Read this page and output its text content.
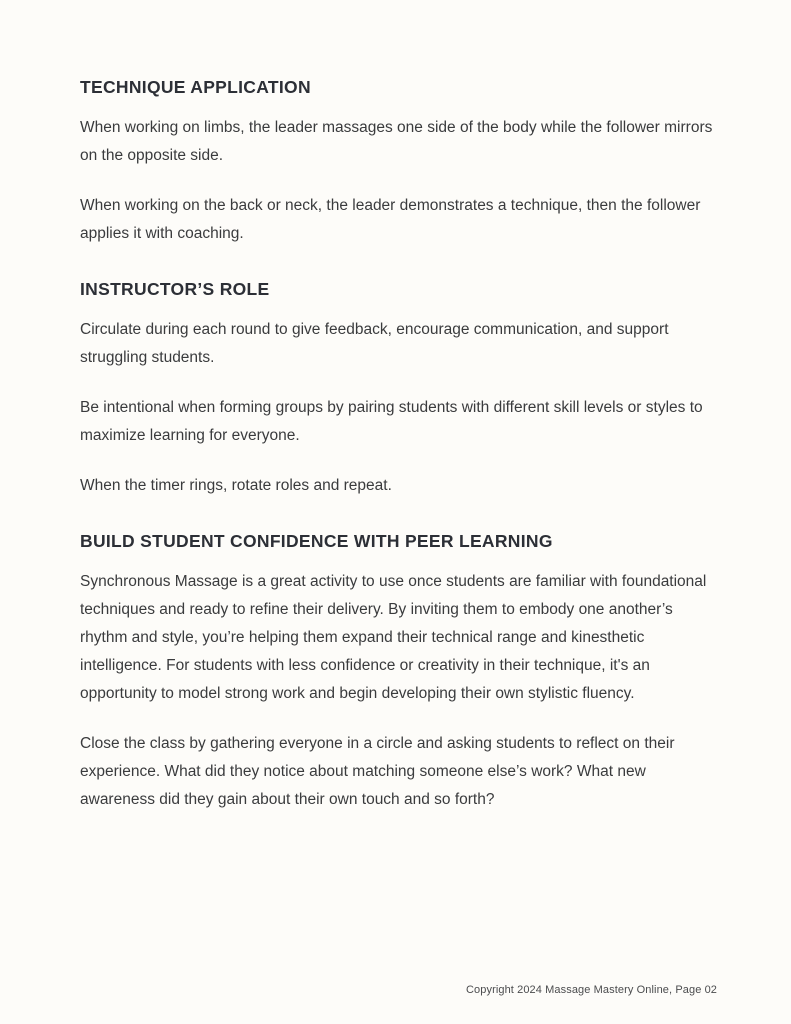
TECHNIQUE APPLICATION

When working on limbs, the leader massages one side of the body while the follower mirrors on the opposite side.

When working on the back or neck, the leader demonstrates a technique, then the follower applies it with coaching.

INSTRUCTOR’S ROLE

Circulate during each round to give feedback, encourage communication, and support struggling students.

Be intentional when forming groups by pairing students with different skill levels or styles to maximize learning for everyone.

When the timer rings, rotate roles and repeat.

BUILD STUDENT CONFIDENCE WITH PEER LEARNING

Synchronous Massage is a great activity to use once students are familiar with foundational techniques and ready to refine their delivery. By inviting them to embody one another’s rhythm and style, you’re helping them expand their technical range and kinesthetic intelligence. For students with less confidence or creativity in their technique, it's an opportunity to model strong work and begin developing their own stylistic fluency.

Close the class by gathering everyone in a circle and asking students to reflect on their experience. What did they notice about matching someone else’s work? What new awareness did they gain about their own touch and so forth?

Copyright 2024 Massage Mastery Online, Page 02
